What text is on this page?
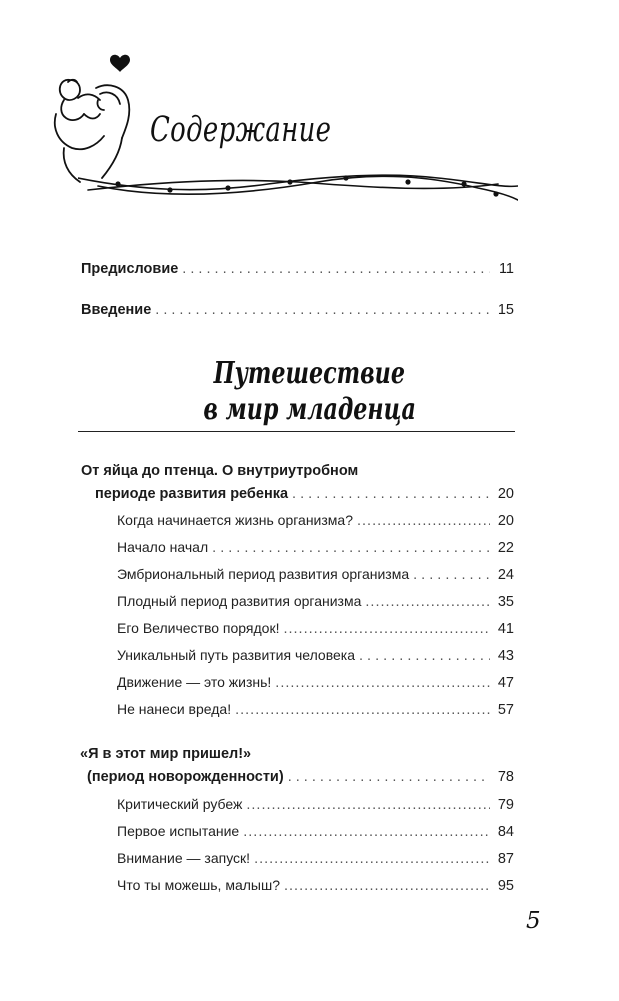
Содержание
Предисловие . . .	11
Введение . . .	15
Путешествие
в мир младенца
От яйца до птенца. О внутриутробном
периоде развития ребенка . . .	20
Когда начинается жизнь организма? .....	20
Начало начал . . .	22
Эмбриональный период развития организма . . .	24
Плодный период развития организма .....	35
Его Величество порядок! .....	41
Уникальный путь развития человека . . .	43
Движение — это жизнь! .....	47
Не нанеси вреда! .....	57
«Я в этот мир пришел!»
(период новорожденности) . . .	78
Критический рубеж .....	79
Первое испытание .....	84
Внимание — запуск! .....	87
Что ты можешь, малыш? .....	95
5
